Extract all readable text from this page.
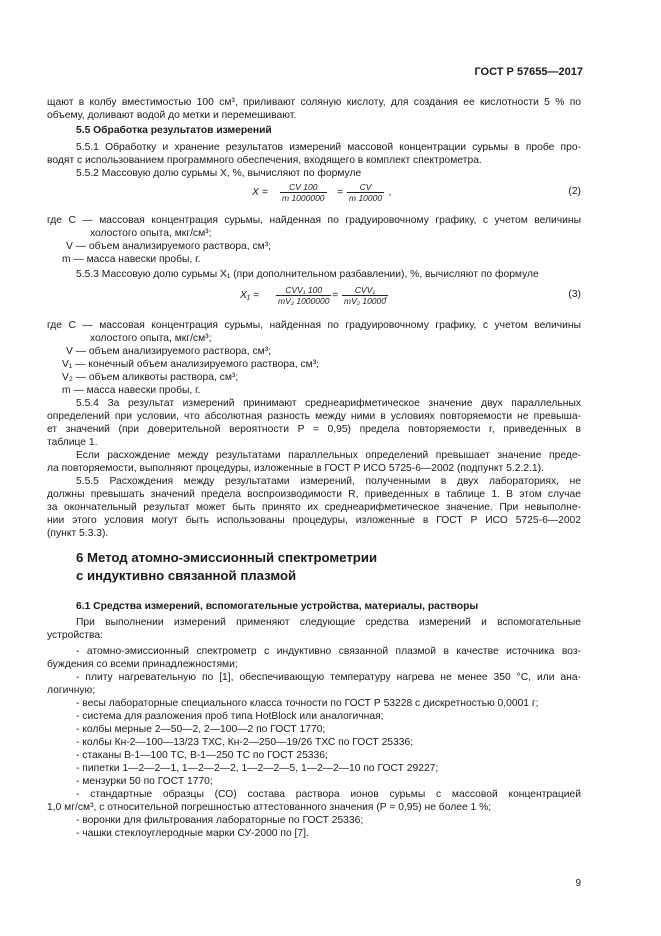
ГОСТ Р 57655—2017
щают в колбу вместимостью 100 см³, приливают соляную кислоту, для создания ее кислотности 5 % по
объему, доливают водой до метки и перемешивают.
5.5 Обработка результатов измерений
5.5.1 Обработку и хранение результатов измерений массовой концентрации сурьмы в пробе про-
водят с использованием программного обеспечения, входящего в комплект спектрометра.
5.5.2 Массовую долю сурьмы X, %, вычисляют по формуле
$X = \frac{CV 100}{m 1000000} = \frac{CV}{m 10000}$ ,	(2)
где C — массовая концентрация сурьмы, найденная по градуировочному графику, с учетом величины
холостого опыта, мкг/см³;
V — объем анализируемого раствора, см³;
m — масса навески пробы, г.
5.5.3 Массовую долю сурьмы X₁ (при дополнительном разбавлении), %, вычисляют по формуле
X₁ =	CVV₁ 100
mV₂ 1000000 =	CVV₁
mV₂ 10000 ,	(3)
где C — массовая концентрация сурьмы, найденная по градуировочному графику, с учетом величины
холостого опыта, мкг/см³;
V — объем анализируемого раствора, см³;
V₁ — конечный объем анализируемого раствора, см³;
V₂ — объем аликвоты раствора, см³;
m — масса навески пробы, г.
5.5.4 За результат измерений принимают среднеарифметическое значение двух параллельных
определений при условии, что абсолютная разность между ними в условиях повторяемости не превыша-
ет значений (при доверительной вероятности P = 0,95) предела повторяемости r, приведенных в
таблице 1.
Если расхождение между результатами параллельных определений превышает значение преде-
ла повторяемости, выполняют процедуры, изложенные в ГОСТ Р ИСО 5725-6—2002 (подпункт 5.2.2.1).
5.5.5 Расхождения между результатами измерений, полученными в двух лабораториях, не
должны превышать значений предела воспроизводимости R, приведенных в таблице 1. В этом случае
за окончательный результат может быть принято их среднеарифметическое значение. При невыполне-
нии этого условия могут быть использованы процедуры, изложенные в ГОСТ Р ИСО 5725-6—2002
(пункт 5.3.3).
6 Метод атомно-эмиссионный спектрометрии
с индуктивно связанной плазмой
6.1 Средства измерений, вспомогательные устройства, материалы, растворы
При выполнении измерений применяют следующие средства измерений и вспомогательные
устройства:
- атомно-эмиссионный спектрометр с индуктивно связанной плазмой в качестве источника воз-
буждения со всеми принадлежностями;
- плиту нагревательную по [1], обеспечивающую температуру нагрева не менее 350 °С, или ана-
логичную;
- весы лабораторные специального класса точности по ГОСТ Р 53228 с дискретностью 0,0001 г;
- система для разложения проб типа HotBlock или аналогичная;
- колбы мерные 2—50—2, 2—100—2 по ГОСТ 1770;
- колбы Кн-2—100—13/23 ТХС, Кн-2—250—19/26 ТХС по ГОСТ 25336;
- стаканы В-1—100 ТС, В-1—250 ТС по ГОСТ 25336;
- пипетки 1—2—2—1, 1—2—2—2, 1—2—2—5, 1—2—2—10 по ГОСТ 29227;
- мензурки 50 по ГОСТ 1770;
- стандартные образцы (СО) состава раствора ионов сурьмы с массовой концентрацией
1,0 мг/см³, с относительной погрешностью аттестованного значения (P = 0,95) не более 1 %;
- воронки для фильтрования лабораторные по ГОСТ 25336;
- чашки стеклоуглеродные марки СУ-2000 по [7].
9
